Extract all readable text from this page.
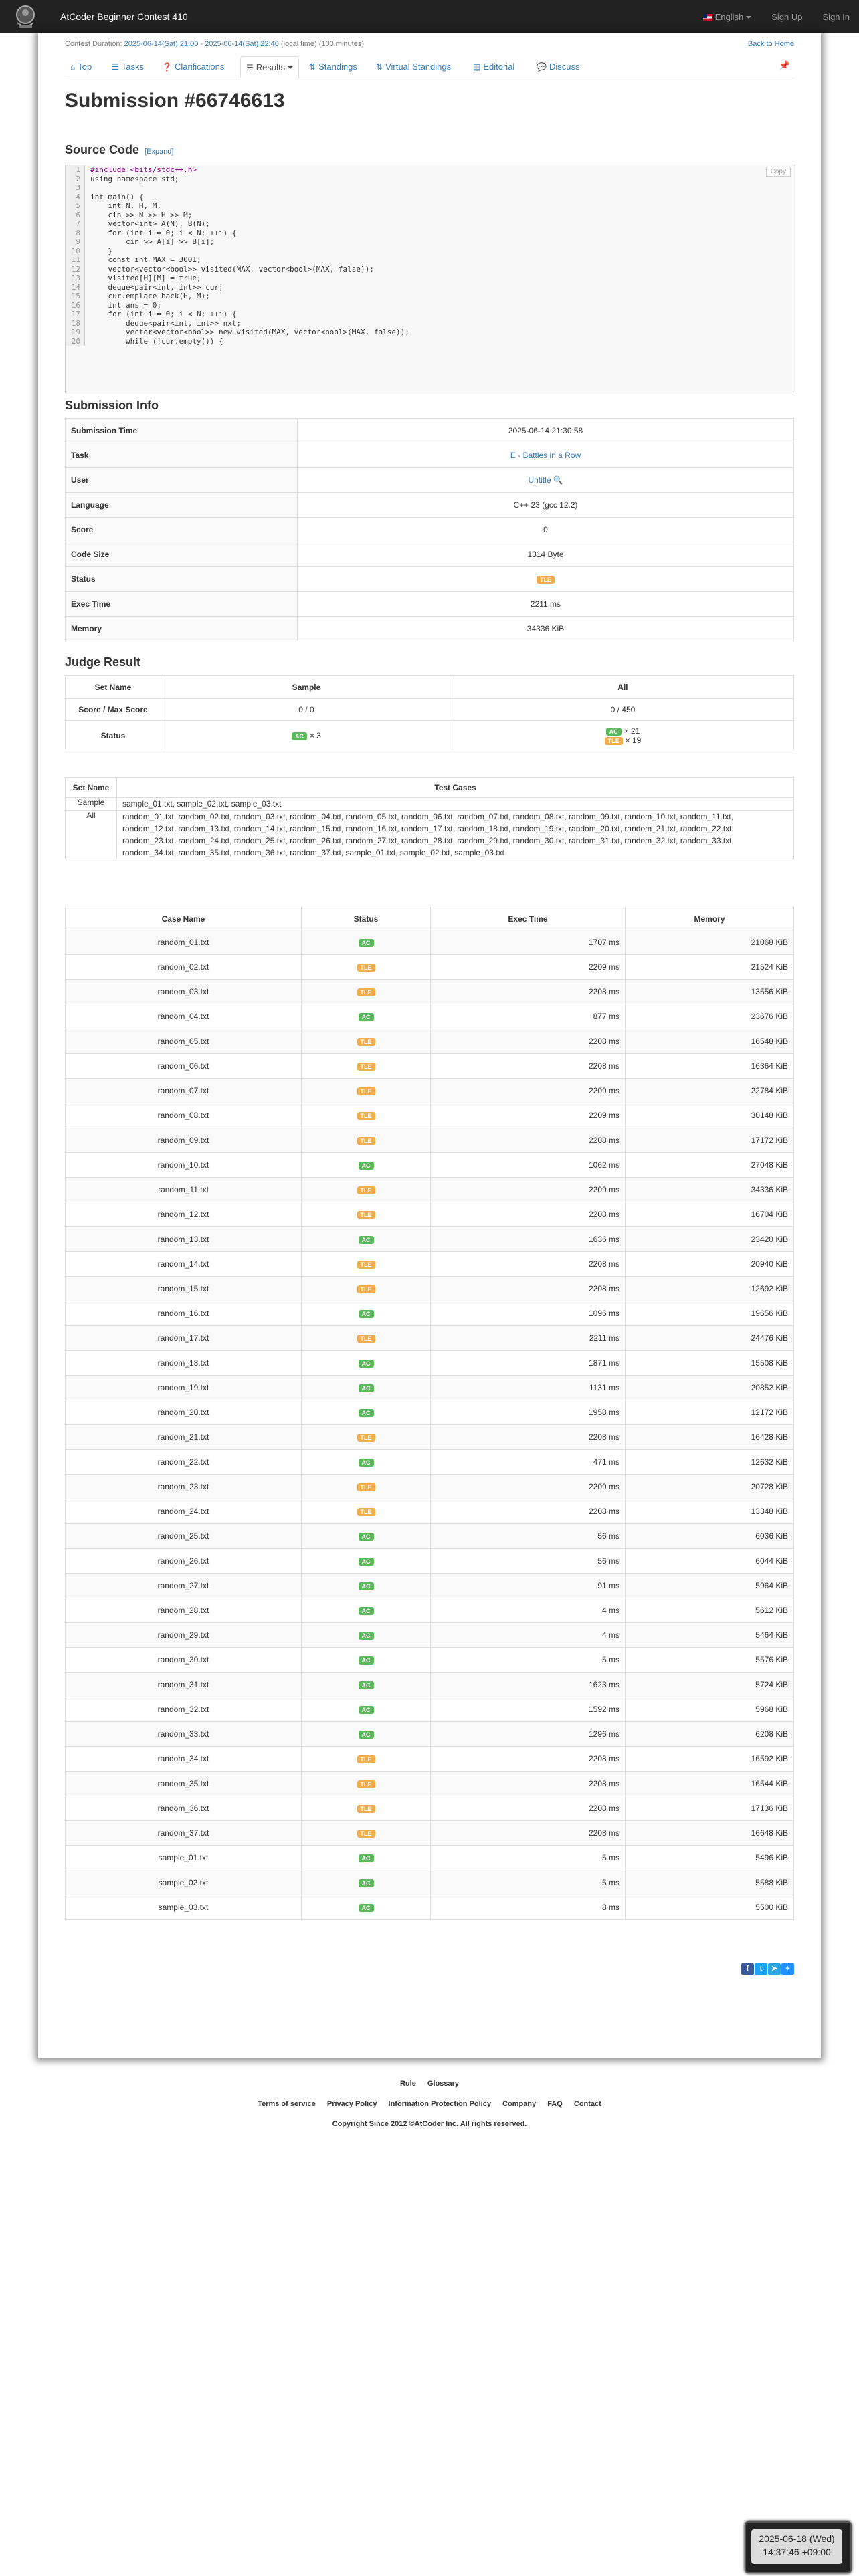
AtCoder Beginner Contest 410	English	Sign Up Sign In
Contest Duration: 2025-06-14(Sat) 21:00 - 2025-06-14(Sat) 22:40 (local time) (100 minutes)	Back to Home
⌂ Top ☰ Tasks ❓ Clarifications	☰ Results	⇅ Standings ⇅ Virtual Standings	▤ Editorial	💬 Discuss	📌
Submission #66746613
Source Code [Expand]
Copy
1 #include <bits/stdc++.h>
2 using namespace std;
3
4 int main() {
5    int N, H, M;
6    cin >> N >> H >> M;
7    vector<int> A(N), B(N);
8    for (int i = 0; i < N; ++i) {
9        cin >> A[i] >> B[i];
10    }
11    const int MAX = 3001;
12    vector<vector<bool>> visited(MAX, vector<bool>(MAX, false));
13    visited[H][M] = true;
14    deque<pair<int, int>> cur;
15    cur.emplace_back(H, M);
16    int ans = 0;
17    for (int i = 0; i < N; ++i) {
18        deque<pair<int, int>> nxt;
19        vector<vector<bool>> new_visited(MAX, vector<bool>(MAX, false));
20        while (!cur.empty()) {
Submission Info
Submission Time	2025-06-14 21:30:58
Task	E - Battles in a Row
User	Untitle 🔍
Language	C++ 23 (gcc 12.2)
Score	0
Code Size	1314 Byte
Status	TLE
Exec Time	2211 ms
Memory	34336 KiB
Judge Result
Set Name	Sample	All
Score / Max Score	0 / 0	0 / 450
Status	AC × 3	AC × 21
TLE × 19
Set Name	Test Cases
Sample	sample_01.txt, sample_02.txt, sample_03.txt
All	random_01.txt, random_02.txt, random_03.txt, random_04.txt, random_05.txt, random_06.txt, random_07.txt, random_08.txt, random_09.txt, random_10.txt, random_11.txt, random_12.txt, random_13.txt, random_14.txt, random_15.txt, random_16.txt, random_17.txt, random_18.txt, random_19.txt, random_20.txt, random_21.txt, random_22.txt, random_23.txt, random_24.txt, random_25.txt, random_26.txt, random_27.txt, random_28.txt, random_29.txt, random_30.txt, random_31.txt, random_32.txt, random_33.txt, random_34.txt, random_35.txt, random_36.txt, random_37.txt, sample_01.txt, sample_02.txt, sample_03.txt
Case Name	Status	Exec Time	Memory
random_01.txt	AC	1707 ms	21068 KiB
random_02.txt	TLE	2209 ms	21524 KiB
random_03.txt	TLE	2208 ms	13556 KiB
random_04.txt	AC	877 ms	23676 KiB
random_05.txt	TLE	2208 ms	16548 KiB
random_06.txt	TLE	2208 ms	16364 KiB
random_07.txt	TLE	2209 ms	22784 KiB
random_08.txt	TLE	2209 ms	30148 KiB
random_09.txt	TLE	2208 ms	17172 KiB
random_10.txt	AC	1062 ms	27048 KiB
random_11.txt	TLE	2209 ms	34336 KiB
random_12.txt	TLE	2208 ms	16704 KiB
random_13.txt	AC	1636 ms	23420 KiB
random_14.txt	TLE	2208 ms	20940 KiB
random_15.txt	TLE	2208 ms	12692 KiB
random_16.txt	AC	1096 ms	19656 KiB
random_17.txt	TLE	2211 ms	24476 KiB
random_18.txt	AC	1871 ms	15508 KiB
random_19.txt	AC	1131 ms	20852 KiB
random_20.txt	AC	1958 ms	12172 KiB
random_21.txt	TLE	2208 ms	16428 KiB
random_22.txt	AC	471 ms	12632 KiB
random_23.txt	TLE	2209 ms	20728 KiB
random_24.txt	TLE	2208 ms	13348 KiB
random_25.txt	AC	56 ms	6036 KiB
random_26.txt	AC	56 ms	6044 KiB
random_27.txt	AC	91 ms	5964 KiB
random_28.txt	AC	4 ms	5612 KiB
random_29.txt	AC	4 ms	5464 KiB
random_30.txt	AC	5 ms	5576 KiB
random_31.txt	AC	1623 ms	5724 KiB
random_32.txt	AC	1592 ms	5968 KiB
random_33.txt	AC	1296 ms	6208 KiB
random_34.txt	TLE	2208 ms	16592 KiB
random_35.txt	TLE	2208 ms	16544 KiB
random_36.txt	TLE	2208 ms	17136 KiB
random_37.txt	TLE	2208 ms	16648 KiB
sample_01.txt	AC	5 ms	5496 KiB
sample_02.txt	AC	5 ms	5588 KiB
sample_03.txt	AC	8 ms	5500 KiB
f	t	➤	+
Rule Glossary
Terms of service Privacy Policy Information Protection Policy Company FAQ Contact
Copyright Since 2012 ©AtCoder Inc. All rights reserved.
2025-06-18 (Wed)
14:37:46 +09:00
